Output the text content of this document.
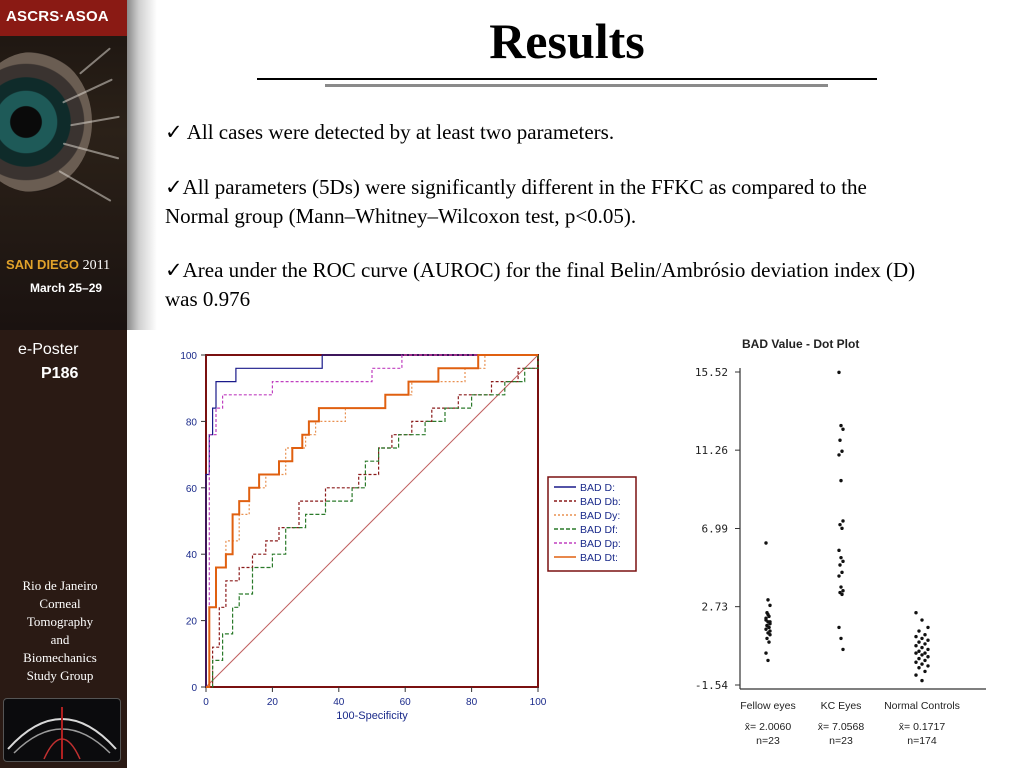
ASCRS·ASOA
SAN DIEGO 2011
March 25–29
e-Poster
P186
Rio de Janeiro
Corneal
Tomography
and
Biomechanics
Study Group
Results
✓ All cases were detected by at least two parameters.
✓All parameters (5Ds) were significantly different in the FFKC as compared to the Normal group (Mann–Whitney–Wilcoxon test, p<0.05).
✓Area under the ROC curve (AUROC) for the final Belin/Ambrósio deviation index (D) was 0.976
0	20	40	60	80	100
0
20
40
60
80
100
100-Specificity
BAD D:
BAD Db:
BAD Dy:
BAD Df:
BAD Dp:
BAD Dt:
BAD Value - Dot Plot
15.52
11.26
6.99
2.73
-1.54
Fellow eyes
x̄= 2.0060
n=23
KC Eyes
x̄= 7.0568
n=23
Normal Controls
x̄= 0.1717
n=174
